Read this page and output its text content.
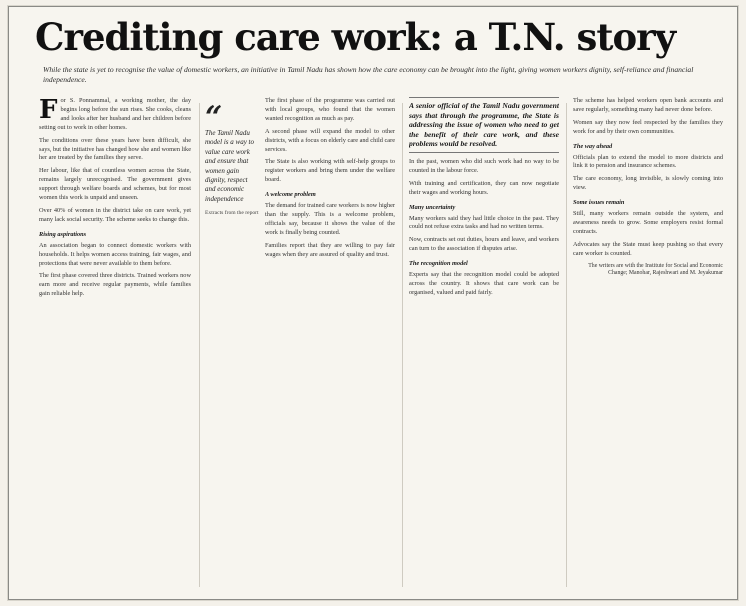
Crediting care work: a T.N. story
While the state is yet to recognise the value of domestic workers, an initiative in Tamil Nadu has shown how the care economy can be brought into the light, giving women workers dignity, self-reliance and financial independence.
F or S. Ponnammal, a working mother, the day begins long before the sun rises. She cooks, cleans and looks after her husband and her children before setting out to work in other homes.

The conditions over these years have been difficult, she says, but the initiative has changed how she and women like her are treated by the families they serve.

Her labour, like that of countless women across the State, remains largely unrecognised. The government gives support through welfare boards and schemes, but for most women this work is unpaid and unseen.

Over 40% of women in the district take on care work, yet many lack social security. The scheme seeks to change this.

Rising aspirations

An association began to connect domestic workers with households. It helps women access training, fair wages, and protections that were never available to them before.

The first phase covered three districts. Trained workers now earn more and receive regular payments, while families gain reliable help.

“
The Tamil Nadu model is a way to value care work and ensure that women gain dignity, respect and economic independence
Extracts from the report

The first phase of the programme was carried out with local groups, who found that the women wanted recognition as much as pay.

A second phase will expand the model to other districts, with a focus on elderly care and child care services.

The State is also working with self-help groups to register workers and bring them under the welfare board.

A welcome problem

The demand for trained care workers is now higher than the supply. This is a welcome problem, officials say, because it shows the value of the work is finally being counted.

Families report that they are willing to pay fair wages when they are assured of quality and trust.

A senior official of the Tamil Nadu government says that through the programme, the State is addressing the issue of women who need to get the benefit of their care work, and these problems would be resolved.

In the past, women who did such work had no way to be counted in the labour force.

With training and certification, they can now negotiate their wages and working hours.

Many uncertainty

Many workers said they had little choice in the past. They could not refuse extra tasks and had no written terms.

Now, contracts set out duties, hours and leave, and workers can turn to the association if disputes arise.

The recognition model

Experts say that the recognition model could be adopted across the country. It shows that care work can be organised, valued and paid fairly.

The scheme has helped workers open bank accounts and save regularly, something many had never done before.

Women say they now feel respected by the families they work for and by their own communities.

The way ahead

Officials plan to extend the model to more districts and link it to pension and insurance schemes.

The care economy, long invisible, is slowly coming into view.

Some issues remain

Still, many workers remain outside the system, and awareness needs to grow. Some employers resist formal contracts.

Advocates say the State must keep pushing so that every care worker is counted.

The writers are with the Institute for Social and Economic Change; Manohar, Rajeshwari and M. Jeyakumar
